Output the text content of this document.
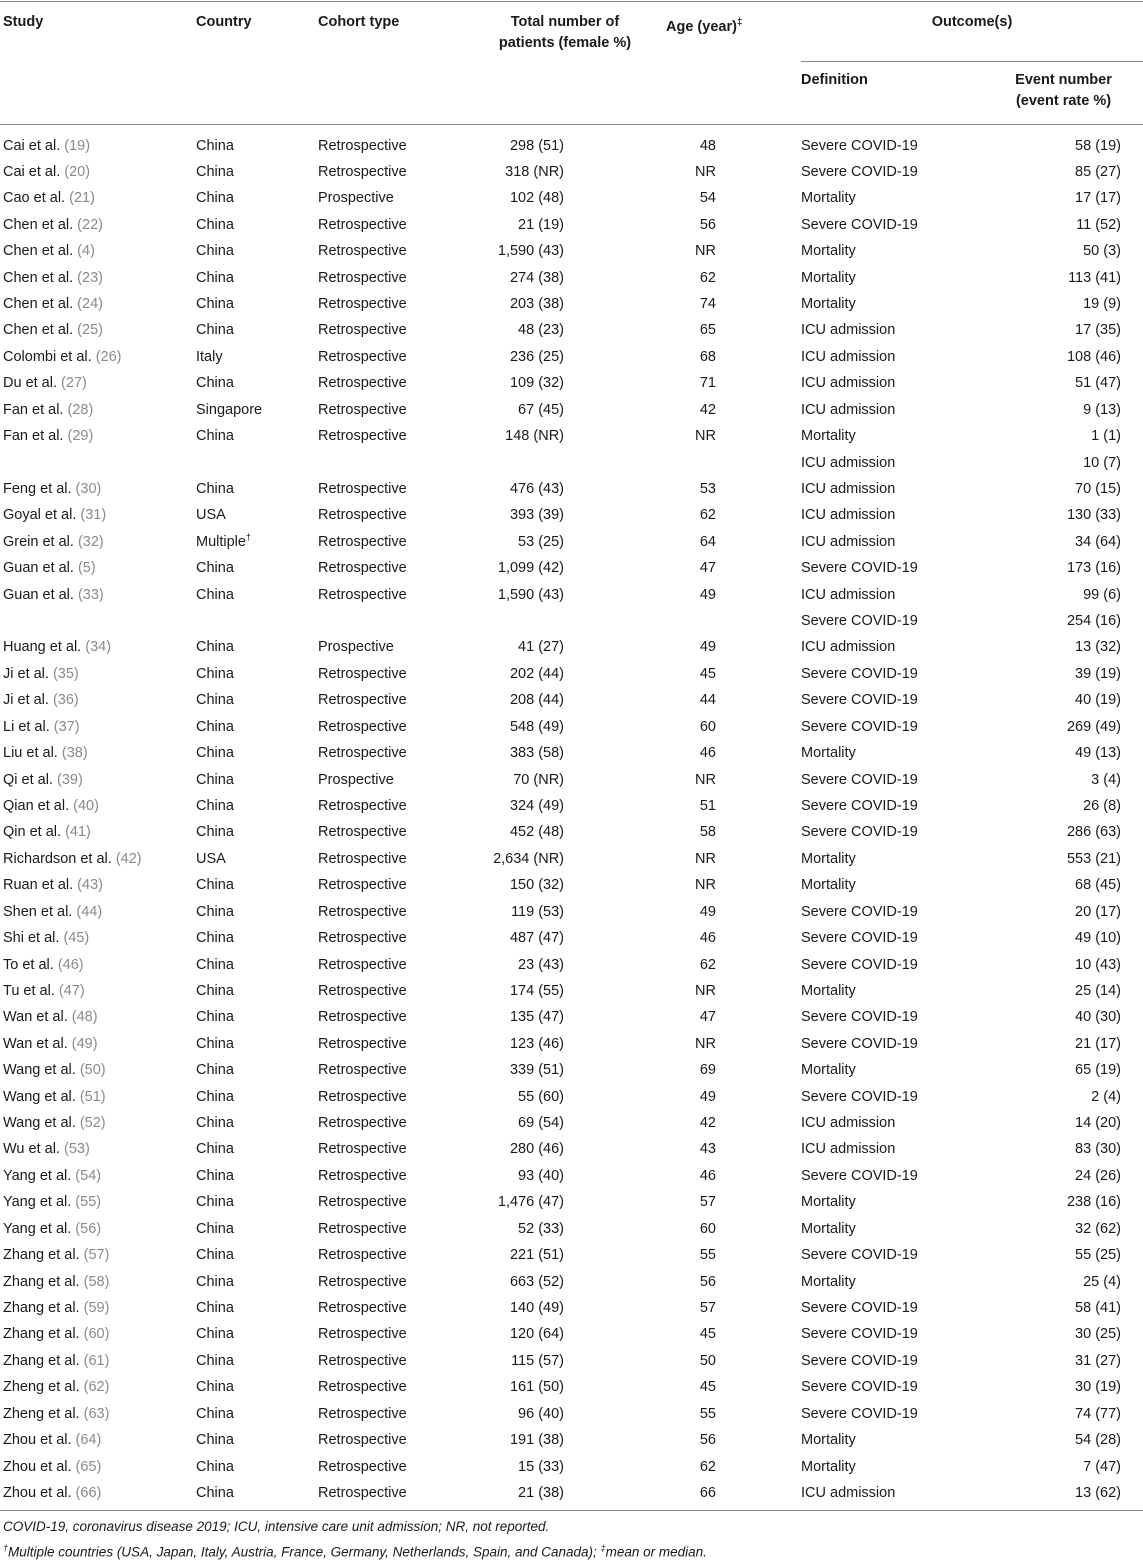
Study	Country	Cohort type	Total number of
patients (female %)
Age (year)‡	Outcome(s)
Definition	Event number
(event rate %)
Cai et al. (19)	China	Retrospective	298 (51)	48	Severe COVID-19	58 (19)
Cai et al. (20)	China	Retrospective	318 (NR)	NR	Severe COVID-19	85 (27)
Cao et al. (21)	China	Prospective	102 (48)	54	Mortality	17 (17)
Chen et al. (22)	China	Retrospective	21 (19)	56	Severe COVID-19	11 (52)
Chen et al. (4)	China	Retrospective	1,590 (43)	NR	Mortality	50 (3)
Chen et al. (23)	China	Retrospective	274 (38)	62	Mortality	113 (41)
Chen et al. (24)	China	Retrospective	203 (38)	74	Mortality	19 (9)
Chen et al. (25)	China	Retrospective	48 (23)	65	ICU admission	17 (35)
Colombi et al. (26)	Italy	Retrospective	236 (25)	68	ICU admission	108 (46)
Du et al. (27)	China	Retrospective	109 (32)	71	ICU admission	51 (47)
Fan et al. (28)	Singapore	Retrospective	67 (45)	42	ICU admission	9 (13)
Fan et al. (29)	China	Retrospective	148 (NR)	NR	Mortality	1 (1)
ICU admission	10 (7)
Feng et al. (30)	China	Retrospective	476 (43)	53	ICU admission	70 (15)
Goyal et al. (31)	USA	Retrospective	393 (39)	62	ICU admission	130 (33)
Grein et al. (32)	Multiple†	Retrospective	53 (25)	64	ICU admission	34 (64)
Guan et al. (5)	China	Retrospective	1,099 (42)	47	Severe COVID-19	173 (16)
Guan et al. (33)	China	Retrospective	1,590 (43)	49	ICU admission	99 (6)
Severe COVID-19	254 (16)
Huang et al. (34)	China	Prospective	41 (27)	49	ICU admission	13 (32)
Ji et al. (35)	China	Retrospective	202 (44)	45	Severe COVID-19	39 (19)
Ji et al. (36)	China	Retrospective	208 (44)	44	Severe COVID-19	40 (19)
Li et al. (37)	China	Retrospective	548 (49)	60	Severe COVID-19	269 (49)
Liu et al. (38)	China	Retrospective	383 (58)	46	Mortality	49 (13)
Qi et al. (39)	China	Prospective	70 (NR)	NR	Severe COVID-19	3 (4)
Qian et al. (40)	China	Retrospective	324 (49)	51	Severe COVID-19	26 (8)
Qin et al. (41)	China	Retrospective	452 (48)	58	Severe COVID-19	286 (63)
Richardson et al. (42)	USA	Retrospective	2,634 (NR)	NR	Mortality	553 (21)
Ruan et al. (43)	China	Retrospective	150 (32)	NR	Mortality	68 (45)
Shen et al. (44)	China	Retrospective	119 (53)	49	Severe COVID-19	20 (17)
Shi et al. (45)	China	Retrospective	487 (47)	46	Severe COVID-19	49 (10)
To et al. (46)	China	Retrospective	23 (43)	62	Severe COVID-19	10 (43)
Tu et al. (47)	China	Retrospective	174 (55)	NR	Mortality	25 (14)
Wan et al. (48)	China	Retrospective	135 (47)	47	Severe COVID-19	40 (30)
Wan et al. (49)	China	Retrospective	123 (46)	NR	Severe COVID-19	21 (17)
Wang et al. (50)	China	Retrospective	339 (51)	69	Mortality	65 (19)
Wang et al. (51)	China	Retrospective	55 (60)	49	Severe COVID-19	2 (4)
Wang et al. (52)	China	Retrospective	69 (54)	42	ICU admission	14 (20)
Wu et al. (53)	China	Retrospective	280 (46)	43	ICU admission	83 (30)
Yang et al. (54)	China	Retrospective	93 (40)	46	Severe COVID-19	24 (26)
Yang et al. (55)	China	Retrospective	1,476 (47)	57	Mortality	238 (16)
Yang et al. (56)	China	Retrospective	52 (33)	60	Mortality	32 (62)
Zhang et al. (57)	China	Retrospective	221 (51)	55	Severe COVID-19	55 (25)
Zhang et al. (58)	China	Retrospective	663 (52)	56	Mortality	25 (4)
Zhang et al. (59)	China	Retrospective	140 (49)	57	Severe COVID-19	58 (41)
Zhang et al. (60)	China	Retrospective	120 (64)	45	Severe COVID-19	30 (25)
Zhang et al. (61)	China	Retrospective	115 (57)	50	Severe COVID-19	31 (27)
Zheng et al. (62)	China	Retrospective	161 (50)	45	Severe COVID-19	30 (19)
Zheng et al. (63)	China	Retrospective	96 (40)	55	Severe COVID-19	74 (77)
Zhou et al. (64)	China	Retrospective	191 (38)	56	Mortality	54 (28)
Zhou et al. (65)	China	Retrospective	15 (33)	62	Mortality	7 (47)
Zhou et al. (66)	China	Retrospective	21 (38)	66	ICU admission	13 (62)
COVID-19, coronavirus disease 2019; ICU, intensive care unit admission; NR, not reported.
†Multiple countries (USA, Japan, Italy, Austria, France, Germany, Netherlands, Spain, and Canada); ‡mean or median.
